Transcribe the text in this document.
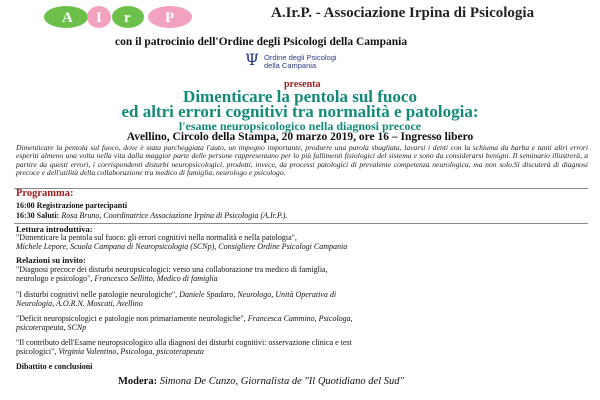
A I r P	A.Ir.P. - Associazione Irpina di Psicologia
con il patrocinio dell'Ordine degli Psicologi della Campania
Ψ Ordine degli Psicologi
della Campania
presenta
Dimenticare la pentola sul fuoco
ed altri errori cognitivi tra normalità e patologia:
l'esame neuropsicologico nella diagnosi precoce
Avellino, Circolo della Stampa, 20 marzo 2019, ore 16 – Ingresso libero
Dimenticare la pentola sul fuoco, dove è stata parcheggiata l'auto, un impegno importante, produrre una parola sbagliata, lavarsi i denti con la schiuma da barba e tanti altri errori esperiti almeno una volta nella vita dalla maggior parte delle persone rappresentano per lo più fallimenti fisiologici del sistema e sono da considerarsi benigni. Il seminario illustrerà, a partire da questi errori, i corrispondenti disturbi neuropsicologici, prodotti, invece, da processi patologici di prevalente competenza neurologica, ma non solo.Si discuterà di diagnosi precoce e dell'utilità della collaborazione tra medico di famiglia, neurologo e psicologo.
Programma:
16:00 Registrazione partecipanti
16:30 Saluti: Rosa Bruno, Coordinatrice Associazione Irpina di Psicologia (A.Ir.P.).
Lettura introduttiva:
"Dimenticare la pentola sul fuoco: gli errori cognitivi nella normalità e nella patologia",
Michele Lepore, Scuola Campana di Neuropsicologia (SCNp), Consigliere Ordine Psicologi Campania
Relazioni su invito:
"Diagnosi precoce dei disturbi neuropsicologici: verso una collaborazione tra medico di famiglia,
neurologo e psicologo", Francesco Sellitto, Medico di famiglia
"I disturbi cognitivi nelle patologie neurologiche", Daniele Spadaro, Neurologo, Unità Operativa di
Neurologia, A.O.R.N. Moscati, Avellino
"Deficit neuropsicologici e patologie non primariamente neurologiche", Francesca Cammino, Psicologa,
psicoterapeuta, SCNp
"Il contributo dell'Esame neuropsicologico alla diagnosi dei disturbi cognitivi: osservazione clinica e test
psicologici", Virginia Valentino, Psicologa, psicoterapeuta
Dibattito e conclusioni
Modera: Simona De Cunzo, Giornalista de "Il Quotidiano del Sud"
